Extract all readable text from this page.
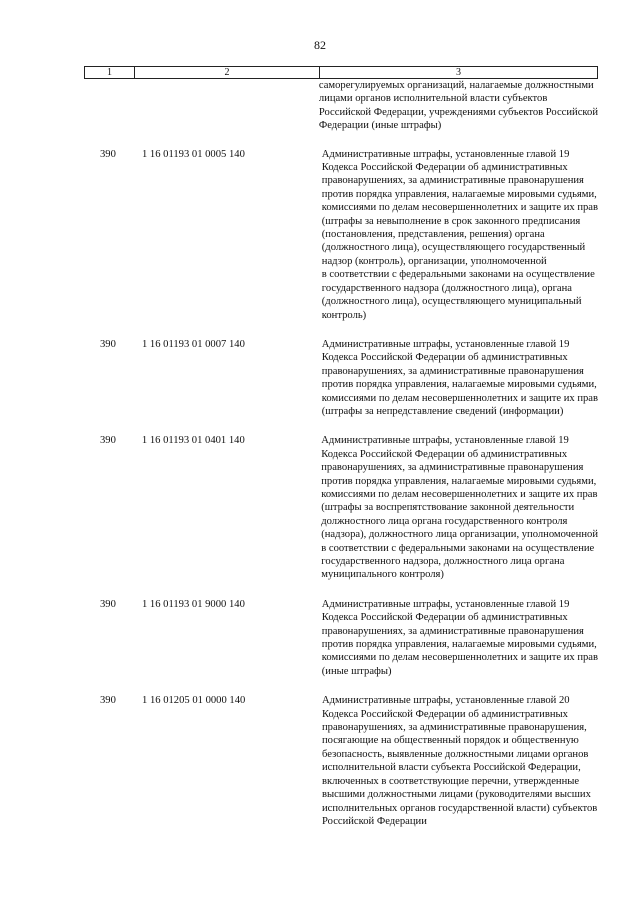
82
1	2	3
саморегулируемых организаций, налагаемые должностными
лицами органов исполнительной власти субъектов
Российской Федерации, учреждениями субъектов Российской
Федерации (иные штрафы)
390	1 16 01193 01 0005 140	Административные штрафы, установленные главой 19
Кодекса Российской Федерации об административных
правонарушениях, за административные правонарушения
против порядка управления, налагаемые мировыми судьями,
комиссиями по делам несовершеннолетних и защите их прав
(штрафы за невыполнение в срок законного предписания
(постановления, представления, решения) органа
(должностного лица), осуществляющего государственный
надзор (контроль), организации, уполномоченной
в соответствии с федеральными законами на осуществление
государственного надзора (должностного лица), органа
(должностного лица), осуществляющего муниципальный
контроль)
390	1 16 01193 01 0007 140	Административные штрафы, установленные главой 19
Кодекса Российской Федерации об административных
правонарушениях, за административные правонарушения
против порядка управления, налагаемые мировыми судьями,
комиссиями по делам несовершеннолетних и защите их прав
(штрафы за непредставление сведений (информации)
390	1 16 01193 01 0401 140	Административные штрафы, установленные главой 19
Кодекса Российской Федерации об административных
правонарушениях, за административные правонарушения
против порядка управления, налагаемые мировыми судьями,
комиссиями по делам несовершеннолетних и защите их прав
(штрафы за воспрепятствование законной деятельности
должностного лица органа государственного контроля
(надзора), должностного лица организации, уполномоченной
в соответствии с федеральными законами на осуществление
государственного надзора, должностного лица органа
муниципального контроля)
390	1 16 01193 01 9000 140	Административные штрафы, установленные главой 19
Кодекса Российской Федерации об административных
правонарушениях, за административные правонарушения
против порядка управления, налагаемые мировыми судьями,
комиссиями по делам несовершеннолетних и защите их прав
(иные штрафы)
390	1 16 01205 01 0000 140	Административные штрафы, установленные главой 20
Кодекса Российской Федерации об административных
правонарушениях, за административные правонарушения,
посягающие на общественный порядок и общественную
безопасность, выявленные должностными лицами органов
исполнительной власти субъекта Российской Федерации,
включенных в соответствующие перечни, утвержденные
высшими должностными лицами (руководителями высших
исполнительных органов государственной власти) субъектов
Российской Федерации
